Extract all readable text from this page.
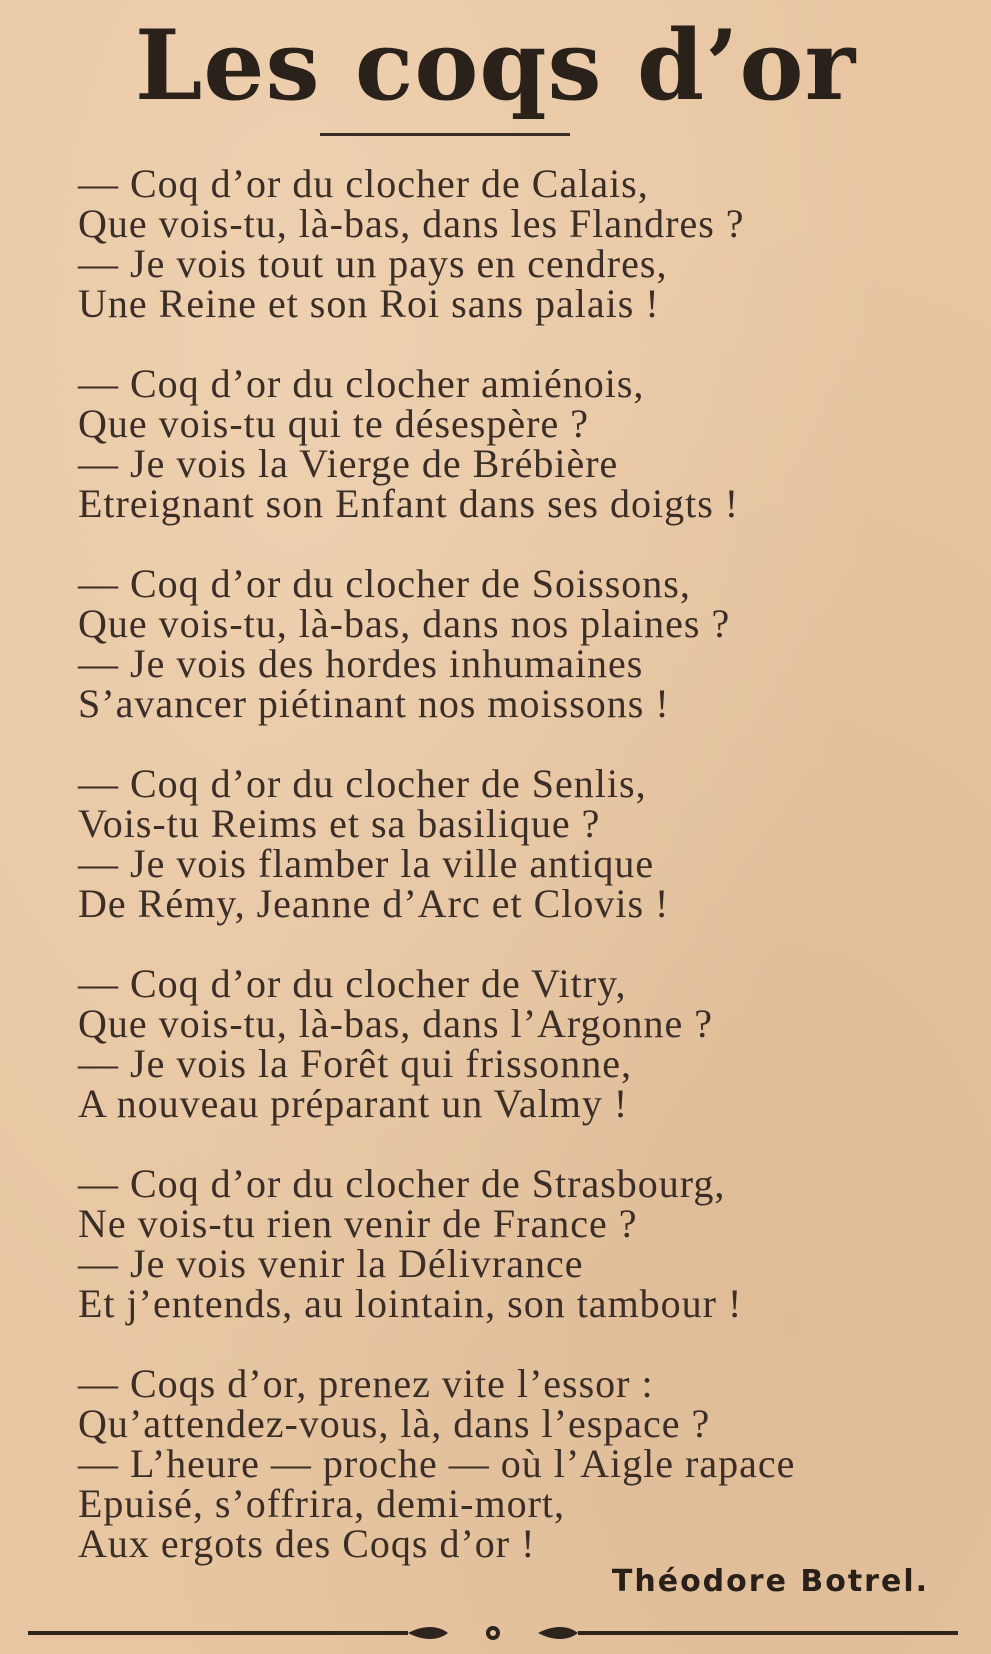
Les coqs d’or
— Coq d’or du clocher de Calais,
Que vois-tu, là-bas, dans les Flandres ?
— Je vois tout un pays en cendres,
Une Reine et son Roi sans palais !
— Coq d’or du clocher amiénois,
Que vois-tu qui te désespère ?
— Je vois la Vierge de Brébière
Etreignant son Enfant dans ses doigts !
— Coq d’or du clocher de Soissons,
Que vois-tu, là-bas, dans nos plaines ?
— Je vois des hordes inhumaines
S’avancer piétinant nos moissons !
— Coq d’or du clocher de Senlis,
Vois-tu Reims et sa basilique ?
— Je vois flamber la ville antique
De Rémy, Jeanne d’Arc et Clovis !
— Coq d’or du clocher de Vitry,
Que vois-tu, là-bas, dans l’Argonne ?
— Je vois la Forêt qui frissonne,
A nouveau préparant un Valmy !
— Coq d’or du clocher de Strasbourg,
Ne vois-tu rien venir de France ?
— Je vois venir la Délivrance
Et j’entends, au lointain, son tambour !
— Coqs d’or, prenez vite l’essor :
Qu’attendez-vous, là, dans l’espace ?
— L’heure — proche — où l’Aigle rapace
Epuisé, s’offrira, demi-mort,
Aux ergots des Coqs d’or !
Théodore Botrel.
